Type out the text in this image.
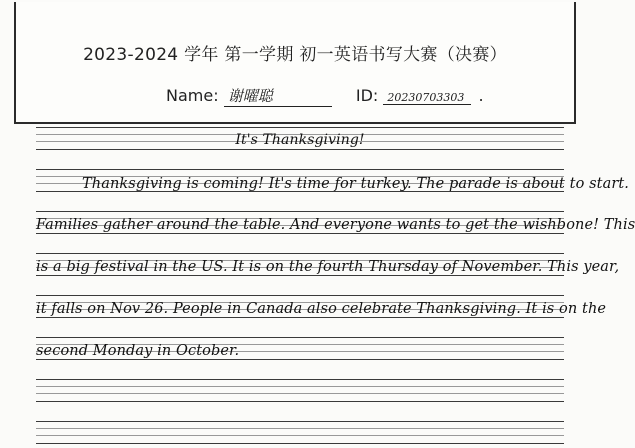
2023-2024 学年 第一学期 初一英语书写大赛（决赛）
Name: 谢曜聪	ID: 20230703303 .
It's Thanksgiving!
Thanksgiving is coming! It's time for turkey. The parade is about to start.
Families gather around the table. And everyone wants to get the wishbone! This
is a big festival in the US. It is on the fourth Thursday of November. This year,
it falls on Nov 26. People in Canada also celebrate Thanksgiving. It is on the
second Monday in October.
